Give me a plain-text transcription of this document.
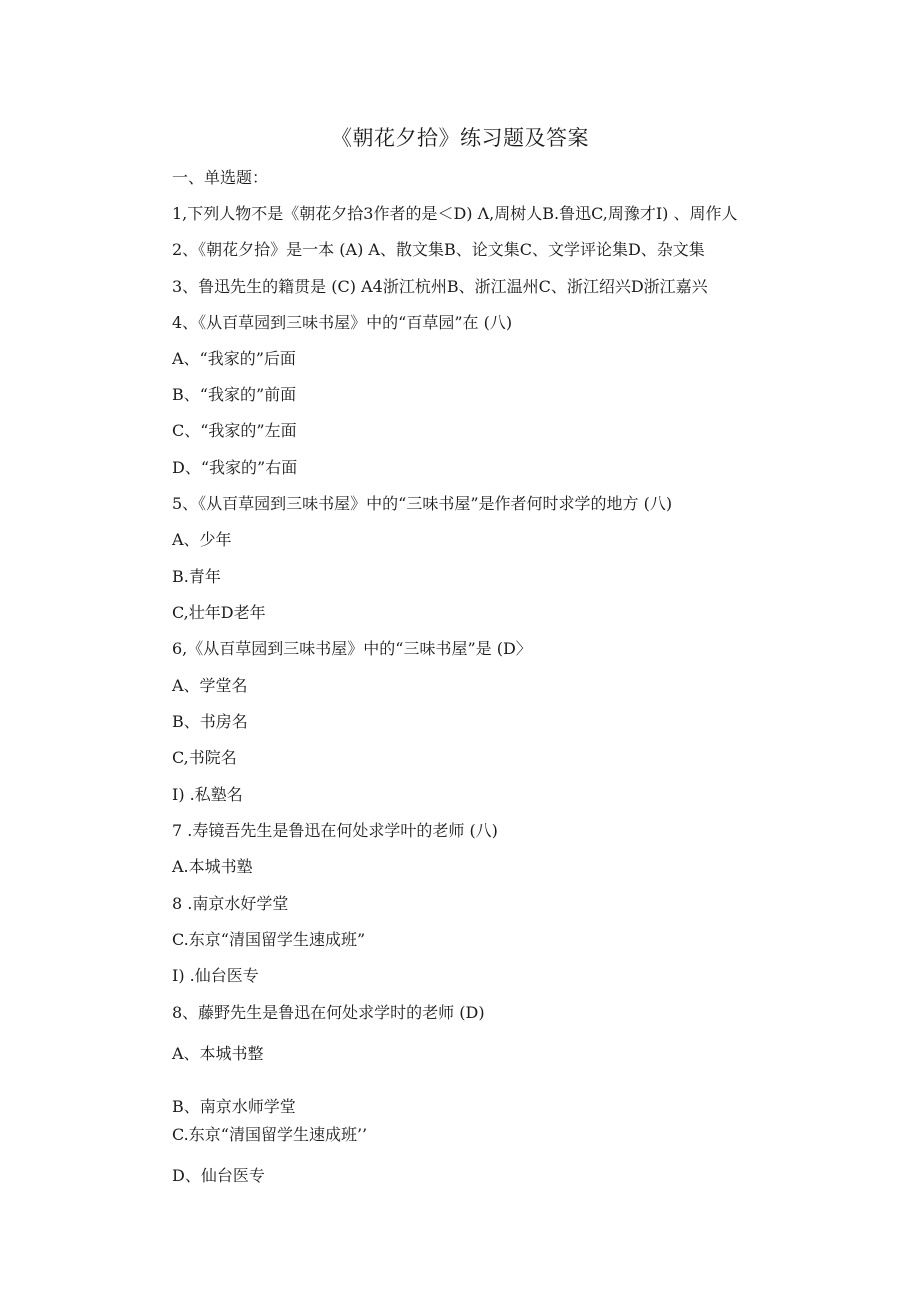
《朝花夕拾》练习题及答案
一、单选题：
1,下列人物不是《朝花夕拾3作者的是＜D) Λ,周树人B.鲁迅C,周豫才I) 、周作人
2、《朝花夕拾》是一本 (A) A、散文集B、论文集C、文学评论集D、杂文集
3、鲁迅先生的籍贯是 (C) A4浙江杭州B、浙江温州C、浙江绍兴D浙江嘉兴
4、《从百草园到三味书屋》中的“百草园”在 (八)
A、“我家的”后面
B、“我家的”前面
C、“我家的”左面
D、“我家的”右面
5、《从百草园到三味书屋》中的“三味书屋”是作者何时求学的地方 (八)
A、少年
B.青年
C,壮年D老年
6,《从百草园到三味书屋》中的“三味书屋”是 (D〉
A、学堂名
B、书房名
C,书院名
I) .私塾名
7 .寿镜吾先生是鲁迅在何处求学叶的老师 (八)
A.本城书塾
8 .南京水好学堂
C.东京“清国留学生速成班”
I) .仙台医专
8、藤野先生是鲁迅在何处求学时的老师 (D)
A、本城书整
B、南京水师学堂
C.东京“清国留学生速成班’’
D、仙台医专
